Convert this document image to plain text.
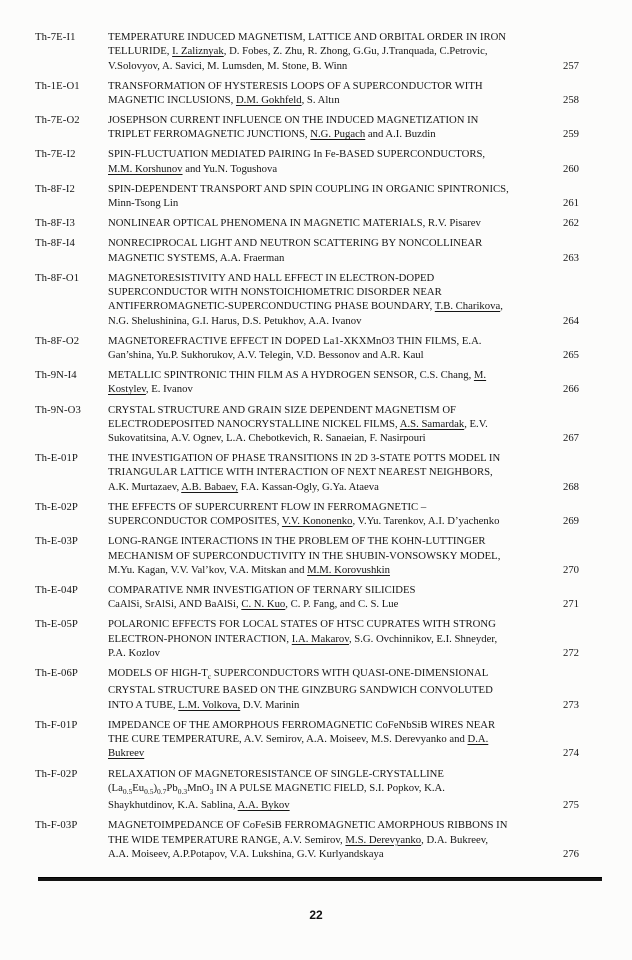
Th-7E-I1	TEMPERATURE INDUCED MAGNETISM, LATTICE AND ORBITAL ORDER IN IRON
TELLURIDE, I. Zaliznyak, D. Fobes, Z. Zhu, R. Zhong, G.Gu, J.Tranquada, C.Petrovic,
V.Solovyov, A. Savici, M. Lumsden, M. Stone, B. Winn	257
Th-1E-O1	TRANSFORMATION OF HYSTERESIS LOOPS OF A SUPERCONDUCTOR WITH
MAGNETIC INCLUSIONS, D.M. Gokhfeld, S. Altın	258
Th-7E-O2	JOSEPHSON CURRENT INFLUENCE ON THE INDUCED MAGNETIZATION IN
TRIPLET FERROMAGNETIC JUNCTIONS, N.G. Pugach and A.I. Buzdin	259
Th-7E-I2	SPIN-FLUCTUATION MEDIATED PAIRING In Fe-BASED SUPERCONDUCTORS,
M.M. Korshunov and Yu.N. Togushova	260
Th-8F-I2	SPIN-DEPENDENT TRANSPORT AND SPIN COUPLING IN ORGANIC SPINTRONICS,
Minn-Tsong Lin	261
Th-8F-I3	NONLINEAR OPTICAL PHENOMENA IN MAGNETIC MATERIALS, R.V. Pisarev	262
Th-8F-I4	NONRECIPROCAL LIGHT AND NEUTRON SCATTERING BY NONCOLLINEAR
MAGNETIC SYSTEMS, A.A. Fraerman	263
Th-8F-O1	MAGNETORESISTIVITY AND HALL EFFECT IN ELECTRON-DOPED
SUPERCONDUCTOR WITH NONSTOICHIOMETRIC DISORDER NEAR
ANTIFERROMAGNETIC-SUPERCONDUCTING PHASE BOUNDARY, T.B. Charikova,
N.G. Shelushinina, G.I. Harus, D.S. Petukhov, A.A. Ivanov	264
Th-8F-O2	MAGNETOREFRACTIVE EFFECT IN DOPED La1-XKXMnO3 THIN FILMS, E.A.
Gan’shina, Yu.P. Sukhorukov, A.V. Telegin, V.D. Bessonov and A.R. Kaul	265
Th-9N-I4	METALLIC SPINTRONIC THIN FILM AS A HYDROGEN SENSOR, C.S. Chang, M.
Kostylev, E. Ivanov	266
Th-9N-O3	CRYSTAL STRUCTURE AND GRAIN SIZE DEPENDENT MAGNETISM OF
ELECTRODEPOSITED NANOCRYSTALLINE NICKEL FILMS, A.S. Samardak, E.V.
Sukovatitsina, A.V. Ognev, L.A. Chebotkevich, R. Sanaeian, F. Nasirpouri	267
Th-E-01P	THE INVESTIGATION OF PHASE TRANSITIONS IN 2D 3-STATE POTTS MODEL IN
TRIANGULAR LATTICE WITH INTERACTION OF NEXT NEAREST NEIGHBORS,
A.K. Murtazaev, A.B. Babaev, F.A. Kassan-Ogly, G.Ya. Ataeva	268
Th-E-02P	THE EFFECTS OF SUPERCURRENT FLOW IN FERROMAGNETIC –
SUPERCONDUCTOR COMPOSITES, V.V. Kononenko, V.Yu. Tarenkov, A.I. D’yachenko	269
Th-E-03P	LONG-RANGE INTERACTIONS IN THE PROBLEM OF THE KOHN-LUTTINGER
MECHANISM OF SUPERCONDUCTIVITY IN THE SHUBIN-VONSOWSKY MODEL,
M.Yu. Kagan, V.V. Val’kov, V.A. Mitskan and M.M. Korovushkin	270
Th-E-04P	COMPARATIVE NMR INVESTIGATION OF TERNARY SILICIDES
CaAlSi, SrAlSi, AND BaAlSi, C. N. Kuo, C. P. Fang, and C. S. Lue	271
Th-E-05P	POLARONIC EFFECTS FOR LOCAL STATES OF HTSC CUPRATES WITH STRONG
ELECTRON-PHONON INTERACTION, I.A. Makarov, S.G. Ovchinnikov, E.I. Shneyder,
P.A. Kozlov	272
Th-E-06P	MODELS OF HIGH-$T_c$ SUPERCONDUCTORS WITH QUASI-ONE-DIMENSIONAL
CRYSTAL STRUCTURE BASED ON THE GINZBURG SANDWICH CONVOLUTED
INTO A TUBE, L.M. Volkova, D.V. Marinin	273
Th-F-01P	IMPEDANCE OF THE AMORPHOUS FERROMAGNETIC CoFeNbSiB WIRES NEAR
THE CURE TEMPERATURE, A.V. Semirov, A.A. Moiseev, M.S. Derevyanko and D.A.
Bukreev	274
Th-F-02P	RELAXATION OF MAGNETORESISTANCE OF SINGLE-CRYSTALLINE
$(La_{0.5}Eu_{0.5})_{0.7}Pb_{0.3}MnO_3$ IN A PULSE MAGNETIC FIELD, S.I. Popkov, K.A.
Shaykhutdinov, K.A. Sablina, A.A. Bykov	275
Th-F-03P	MAGNETOIMPEDANCE OF CoFeSiB FERROMAGNETIC AMORPHOUS RIBBONS IN
THE WIDE TEMPERATURE RANGE, A.V. Semirov, M.S. Derevyanko, D.A. Bukreev,
A.A. Moiseev, A.P.Potapov, V.A. Lukshina, G.V. Kurlyandskaya	276
22
